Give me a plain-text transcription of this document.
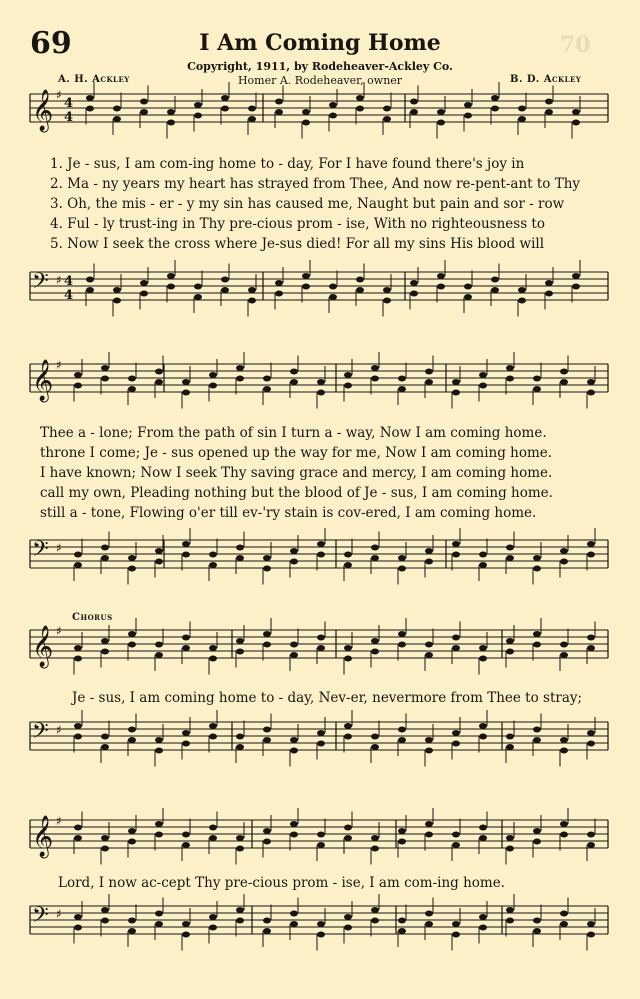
69	70
I Am Coming Home
Copyright, 1911, by Rodeheaver-Ackley Co.
Homer A. Rodeheaver, owner
A. H. Ackley	B. D. Ackley
𝄞 ♯
4
4
𝄢 ♯ 4
4
𝄞 ♯
𝄢 ♯
𝄞 ♯
𝄢 ♯
𝄞 ♯
𝄢 ♯
1. Je - sus, I am com-ing home to - day, For I have found there's joy in
2. Ma - ny years my heart has strayed from Thee, And now re-pent-ant to Thy
3. Oh, the mis - er - y my sin has caused me, Naught but pain and sor - row
4. Ful - ly trust-ing in Thy pre-cious prom - ise, With no righteousness to
5. Now I seek the cross where Je-sus died! For all my sins His blood will
Thee a - lone; From the path of sin I turn a - way, Now I am coming home.
throne I come; Je - sus opened up the way for me, Now I am coming home.
I have known; Now I seek Thy saving grace and mercy, I am coming home.
call my own, Pleading nothing but the blood of Je - sus, I am coming home.
still a - tone, Flowing o'er till ev-'ry stain is cov-ered, I am coming home.
Chorus
Je - sus, I am coming home to - day, Nev-er, nevermore from Thee to stray;
Lord, I now ac-cept Thy pre-cious prom - ise, I am com-ing home.
